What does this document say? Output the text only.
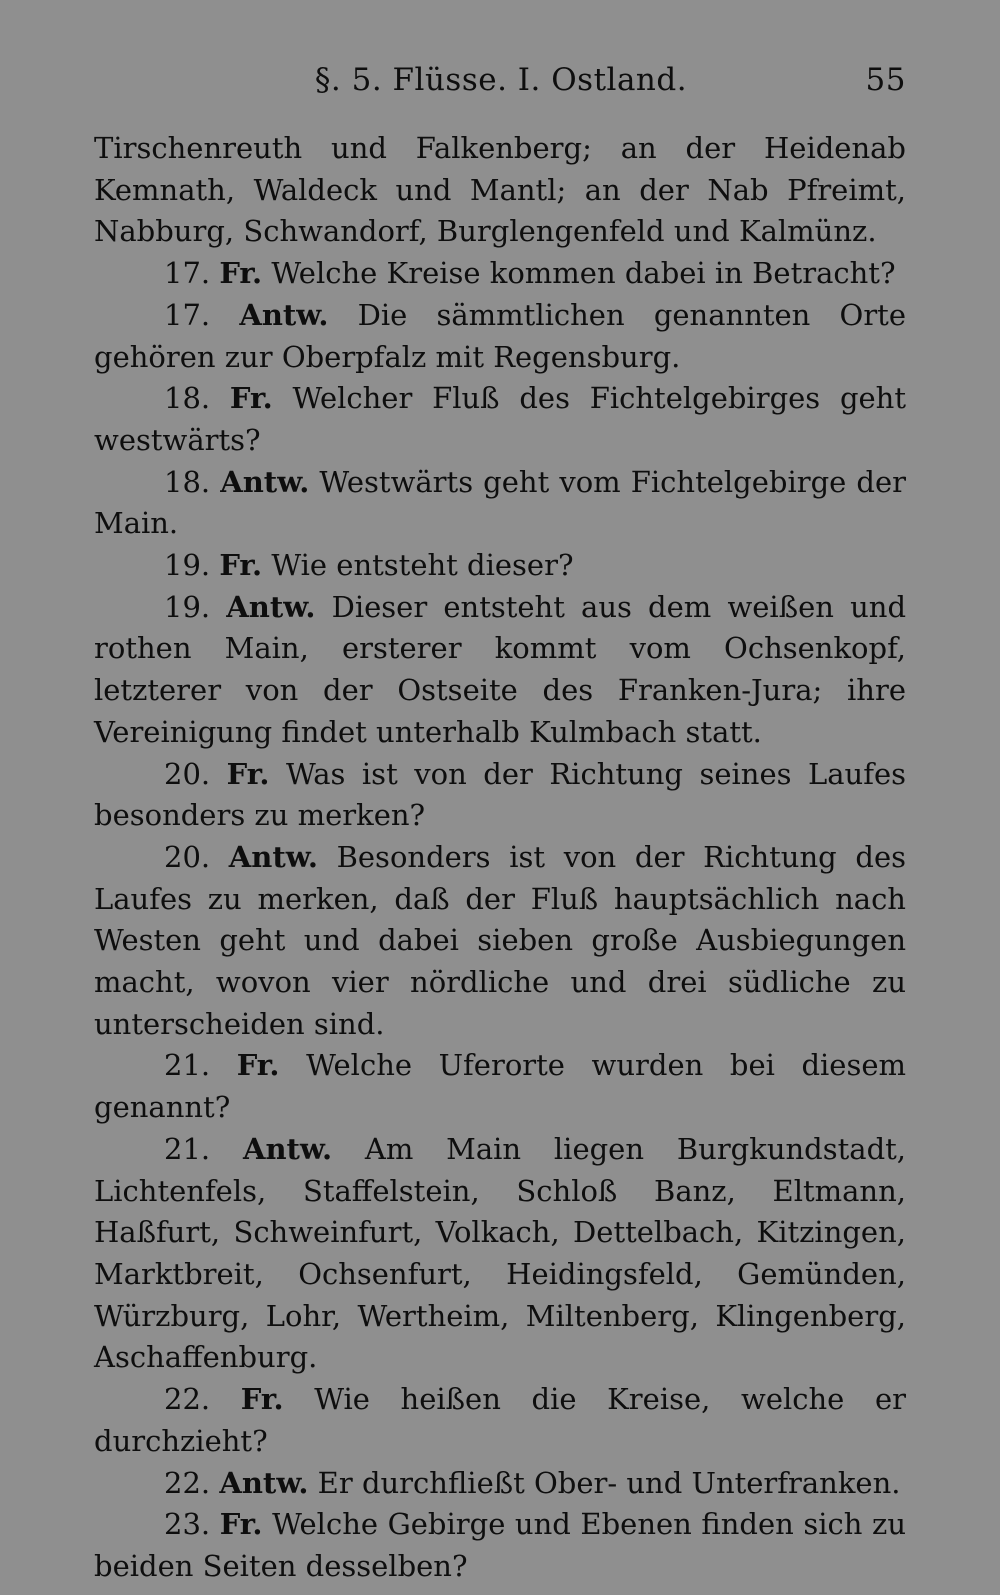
§. 5. Flüsse. I. Ostland.	55

Tirschenreuth und Falkenberg; an der Heidenab Kemnath, Waldeck und Mantl; an der Nab Pfreimt, Nabburg, Schwandorf, Burglengenfeld und Kalmünz.

17. Fr. Welche Kreise kommen dabei in Betracht?

17. Antw. Die sämmtlichen genannten Orte gehören zur Oberpfalz mit Regensburg.

18. Fr. Welcher Fluß des Fichtelgebirges geht westwärts?

18. Antw. Westwärts geht vom Fichtelgebirge der Main.

19. Fr. Wie entsteht dieser?

19. Antw. Dieser entsteht aus dem weißen und rothen Main, ersterer kommt vom Ochsenkopf, letzterer von der Ostseite des Franken-Jura; ihre Vereinigung findet unterhalb Kulmbach statt.

20. Fr. Was ist von der Richtung seines Laufes besonders zu merken?

20. Antw. Besonders ist von der Richtung des Laufes zu merken, daß der Fluß hauptsächlich nach Westen geht und dabei sieben große Ausbiegungen macht, wovon vier nördliche und drei südliche zu unterscheiden sind.

21. Fr. Welche Uferorte wurden bei diesem genannt?

21. Antw. Am Main liegen Burgkundstadt, Lichtenfels, Staffelstein, Schloß Banz, Eltmann, Haßfurt, Schweinfurt, Volkach, Dettelbach, Kitzingen, Marktbreit, Ochsenfurt, Heidingsfeld, Gemünden, Würzburg, Lohr, Wertheim, Miltenberg, Klingenberg, Aschaffenburg.

22. Fr. Wie heißen die Kreise, welche er durchzieht?

22. Antw. Er durchfließt Ober- und Unterfranken.

23. Fr. Welche Gebirge und Ebenen finden sich zu beiden Seiten desselben?
